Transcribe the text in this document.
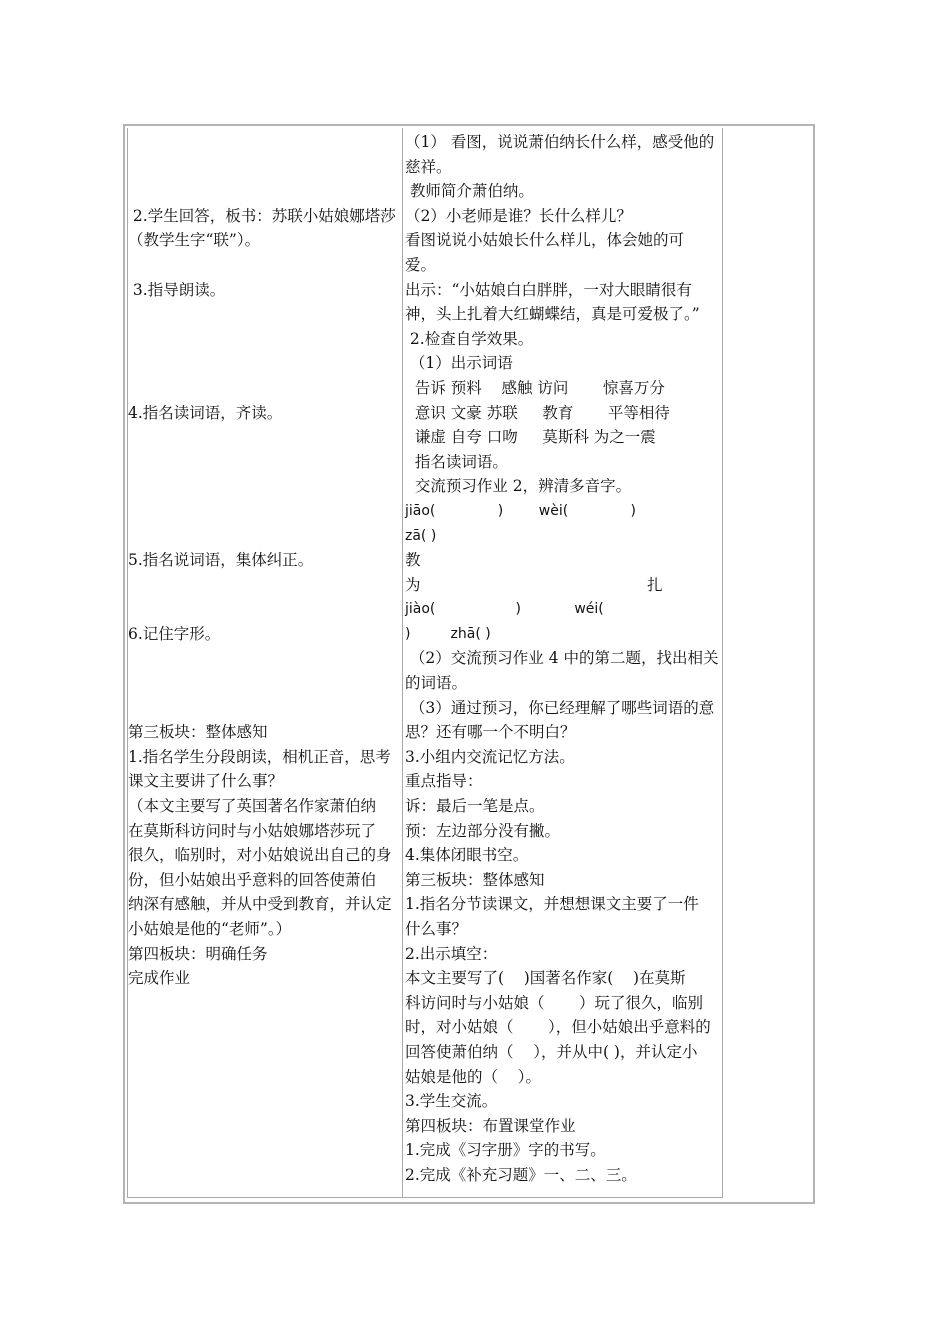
2.学生回答，板书：苏联小姑娘娜塔莎
（教学生字“联”）。
3.指导朗读。
4.指名读词语，齐读。
5.指名说词语，集体纠正。
6.记住字形。
第三板块：整体感知
1.指名学生分段朗读，相机正音，思考
课文主要讲了什么事？
（本文主要写了英国著名作家萧伯纳
在莫斯科访问时与小姑娘娜塔莎玩了
很久，临别时，对小姑娘说出自己的身
份，但小姑娘出乎意料的回答使萧伯
纳深有感触，并从中受到教育，并认定
小姑娘是他的“老师”。）
第四板块：明确任务
完成作业
（1） 看图，说说萧伯纳长什么样，感受他的
慈祥。
教师简介萧伯纳。
（2）小老师是谁？长什么样儿？
看图说说小姑娘长什么样儿，体会她的可
爱。
出示：“小姑娘白白胖胖，一对大眼睛很有
神，头上扎着大红蝴蝶结，真是可爱极了。”
2.检查自学效果。
（1）出示词语
告诉 预料    感触 访问       惊喜万分
意识 文豪 苏联     教育       平等相待
谦虚 自夸 口吻     莫斯科 为之一震
指名读词语。
交流预习作业 2，辨清多音字。
jiāo(              )        wèi(              )
zā( )
教
为                                              扎
jiào(                  )            wéi(
)         zhā( )
（2）交流预习作业 4 中的第二题，找出相关
的词语。
（3）通过预习，你已经理解了哪些词语的意
思？还有哪一个不明白？
3.小组内交流记忆方法。
重点指导：
诉：最后一笔是点。
预：左边部分没有撇。
4.集体闭眼书空。
第三板块：整体感知
1.指名分节读课文，并想想课文主要了一件
什么事？
2.出示填空：
本文主要写了(    )国著名作家(    )在莫斯
科访问时与小姑娘（       ）玩了很久，临别
时，对小姑娘（       ），但小姑娘出乎意料的
回答使萧伯纳（    ），并从中( )，并认定小
姑娘是他的（    ）。
3.学生交流。
第四板块：布置课堂作业
1.完成《习字册》字的书写。
2.完成《补充习题》一、二、三。
